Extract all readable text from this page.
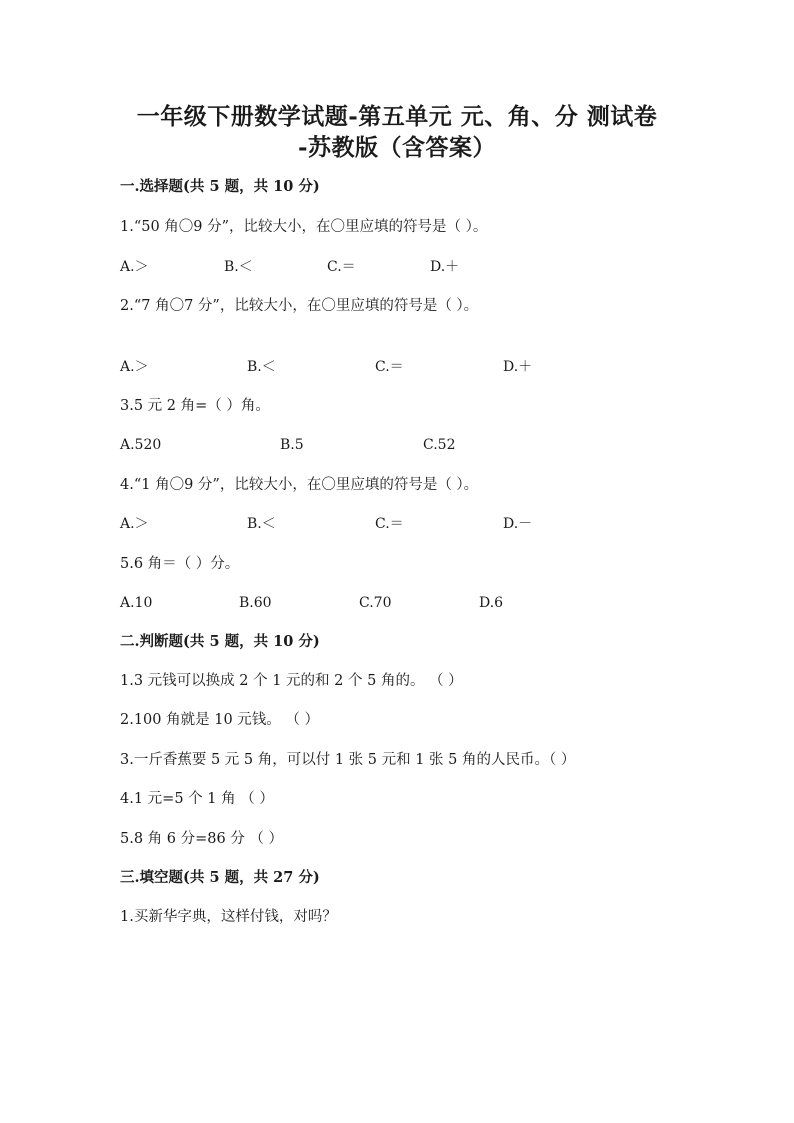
一年级下册数学试题-第五单元 元、角、分 测试卷
-苏教版（含答案）
一.选择题(共 5 题，共 10 分)
1.“50 角〇9 分”，比较大小，在〇里应填的符号是（ ）。
A.＞	B.＜	C.＝	D.＋
2.“7 角〇7 分”，比较大小，在〇里应填的符号是（ ）。
A.＞	B.＜	C.＝	D.＋
3.5 元 2 角=（ ）角。
A.520	B.5	C.52
4.“1 角〇9 分”，比较大小，在〇里应填的符号是（ ）。
A.＞	B.＜	C.＝	D.－
5.6 角＝（ ）分。
A.10	B.60	C.70	D.6
二.判断题(共 5 题，共 10 分)
1.3 元钱可以换成 2 个 1 元的和 2 个 5 角的。 （ ）
2.100 角就是 10 元钱。 （ ）
3.一斤香蕉要 5 元 5 角，可以付 1 张 5 元和 1 张 5 角的人民币。（ ）
4.1 元=5 个 1 角 （ ）
5.8 角 6 分=86 分 （ ）
三.填空题(共 5 题，共 27 分)
1.买新华字典，这样付钱，对吗？
